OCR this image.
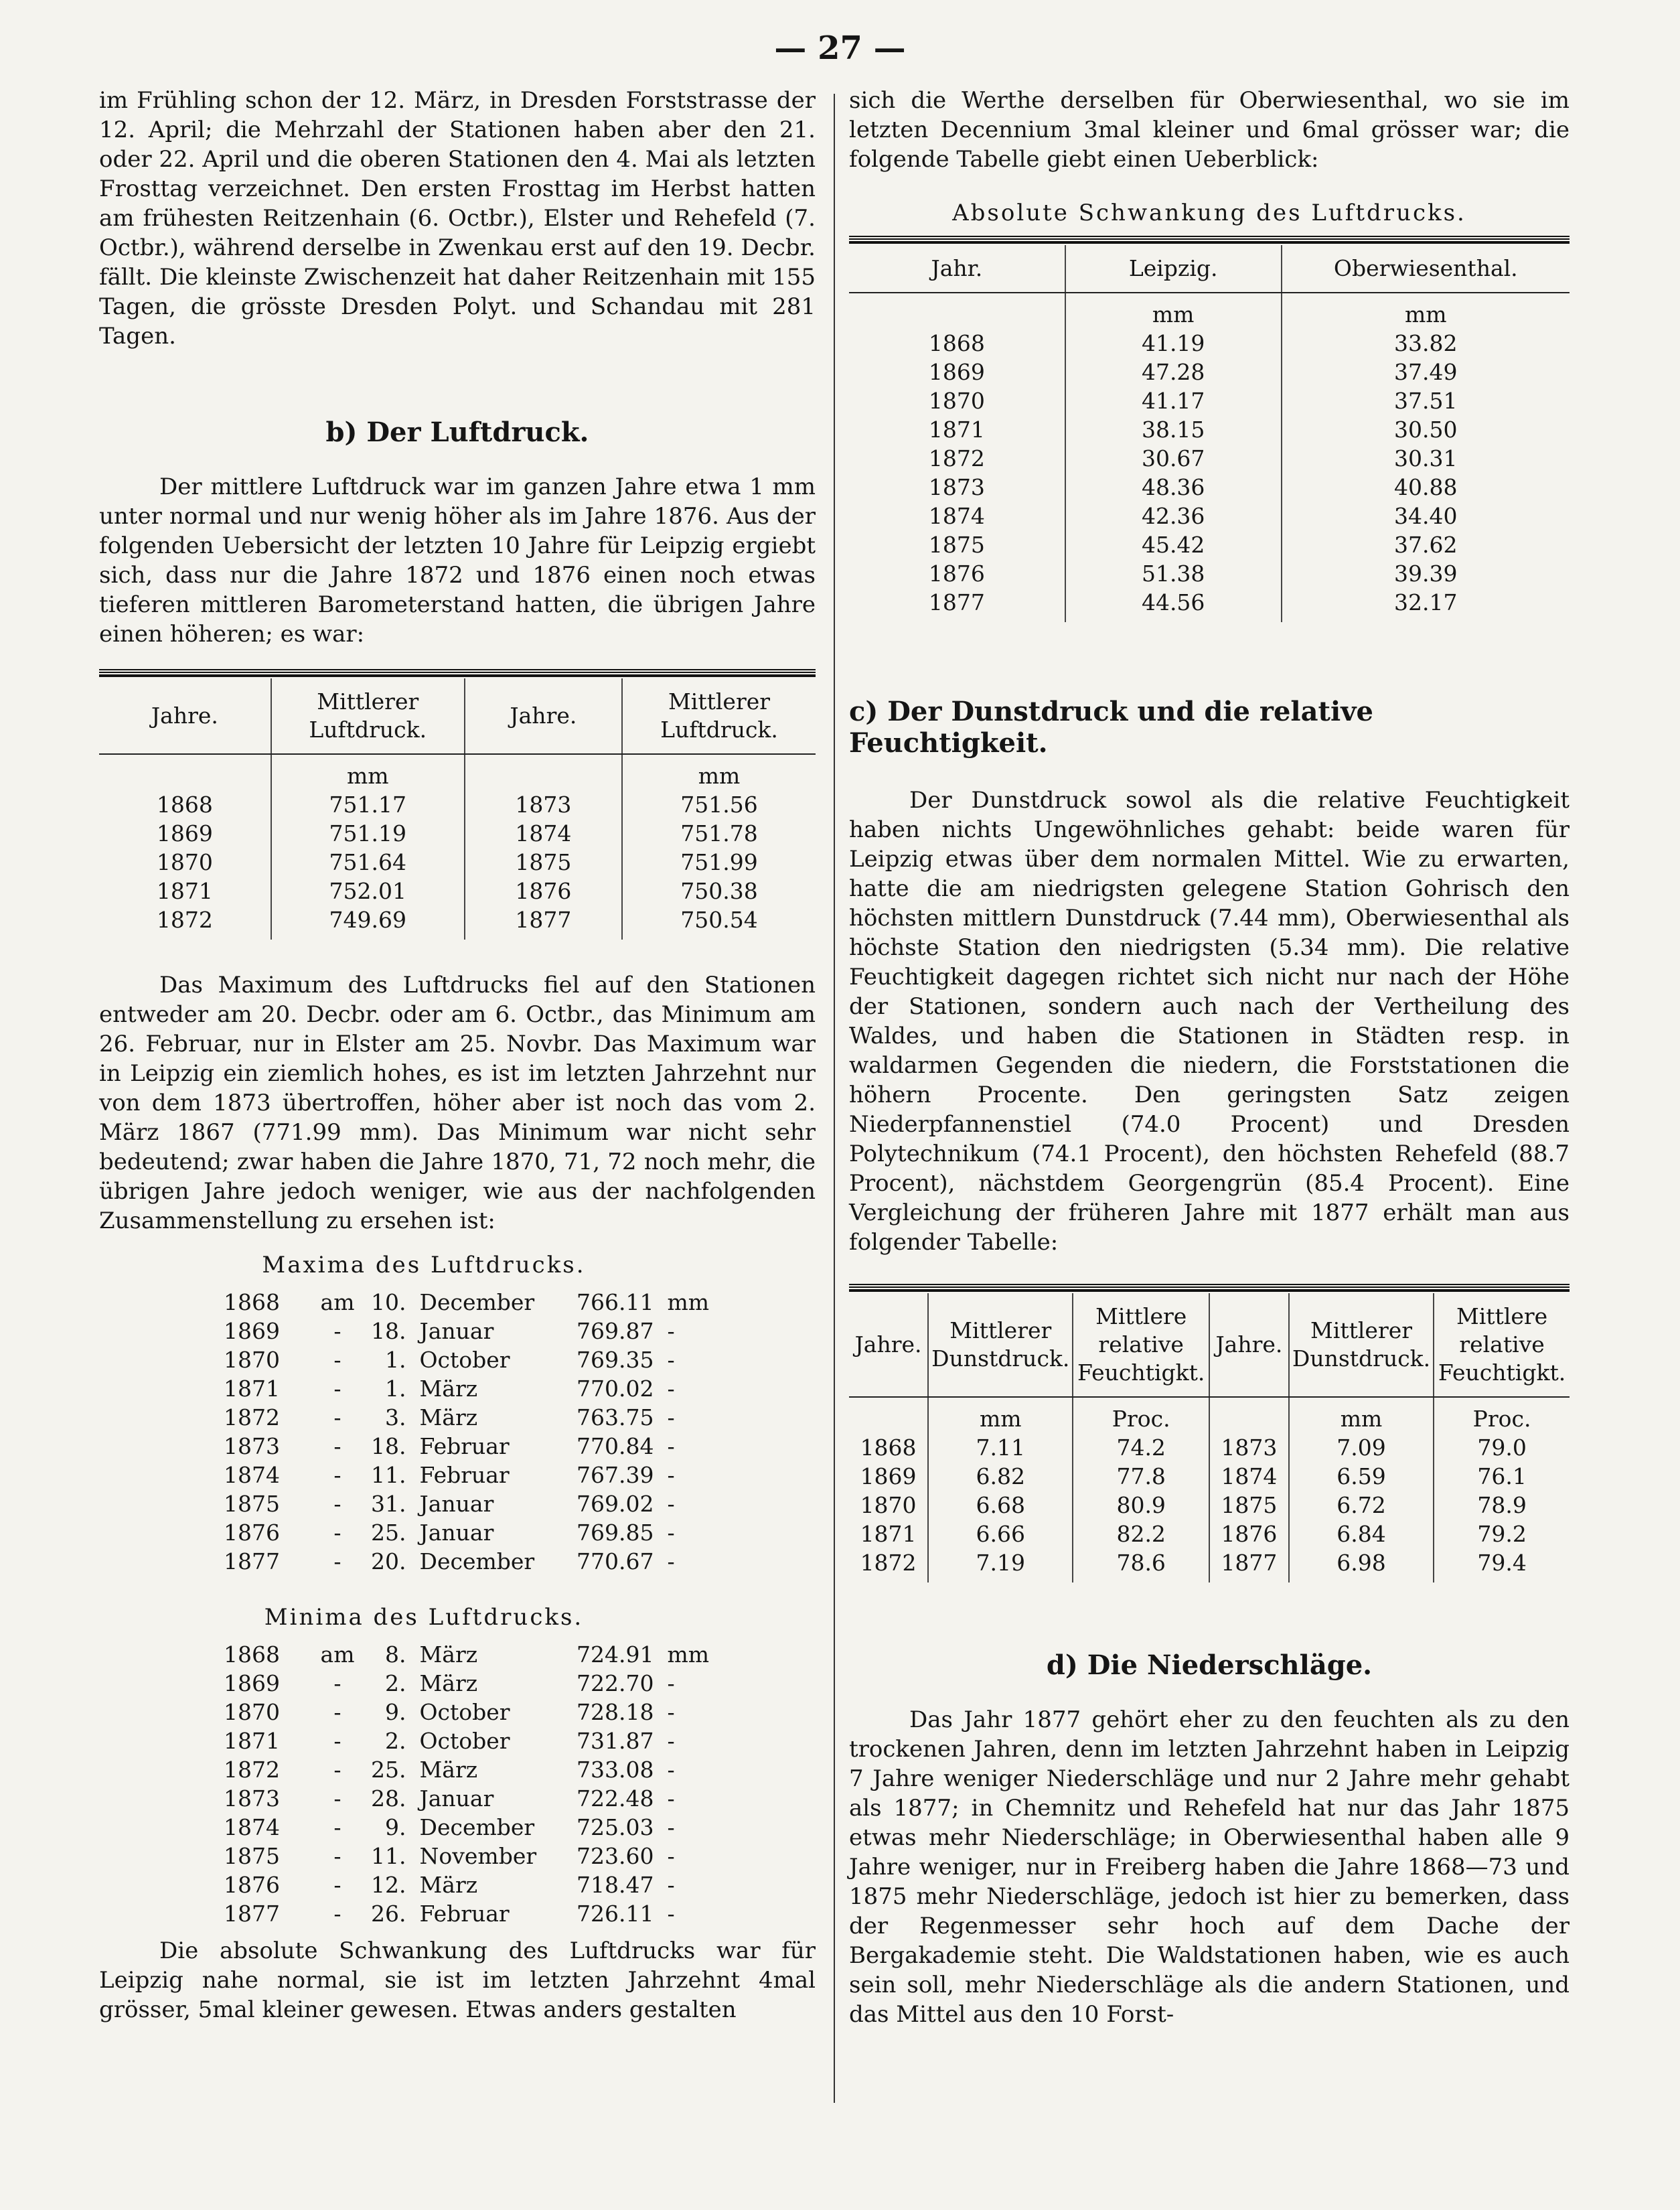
— 27 —

im Frühling schon der 12. März, in Dresden Forststrasse der 12. April; die Mehrzahl der Stationen haben aber den 21. oder 22. April und die oberen Stationen den 4. Mai als letzten Frosttag verzeichnet. Den ersten Frosttag im Herbst hatten am frühesten Reitzenhain (6. Octbr.), Elster und Rehefeld (7. Octbr.), während derselbe in Zwenkau erst auf den 19. Decbr. fällt. Die kleinste Zwischenzeit hat daher Reitzenhain mit 155 Tagen, die grösste Dresden Polyt. und Schandau mit 281 Tagen.

b) Der Luftdruck.

Der mittlere Luftdruck war im ganzen Jahre etwa 1 mm unter normal und nur wenig höher als im Jahre 1876. Aus der folgenden Uebersicht der letzten 10 Jahre für Leipzig ergiebt sich, dass nur die Jahre 1872 und 1876 einen noch etwas tieferen mittleren Barometerstand hatten, die übrigen Jahre einen höheren; es war:

Jahre.	Mittlerer Luftdruck.	Jahre.	Mittlerer Luftdruck.
	mm		mm
1868	751.17	1873	751.56
1869	751.19	1874	751.78
1870	751.64	1875	751.99
1871	752.01	1876	750.38
1872	749.69	1877	750.54

Das Maximum des Luftdrucks fiel auf den Stationen entweder am 20. Decbr. oder am 6. Octbr., das Minimum am 26. Februar, nur in Elster am 25. Novbr. Das Maximum war in Leipzig ein ziemlich hohes, es ist im letzten Jahrzehnt nur von dem 1873 übertroffen, höher aber ist noch das vom 2. März 1867 (771.99 mm). Das Minimum war nicht sehr bedeutend; zwar haben die Jahre 1870, 71, 72 noch mehr, die übrigen Jahre jedoch weniger, wie aus der nachfolgenden Zusammenstellung zu ersehen ist:

Maxima des Luftdrucks.
1868	am	10.	December	766.11	mm
1869	-	18.	Januar	769.87	-
1870	-	1.	October	769.35	-
1871	-	1.	März	770.02	-
1872	-	3.	März	763.75	-
1873	-	18.	Februar	770.84	-
1874	-	11.	Februar	767.39	-
1875	-	31.	Januar	769.02	-
1876	-	25.	Januar	769.85	-
1877	-	20.	December	770.67	-
Minima des Luftdrucks.
1868	am	8.	März	724.91	mm
1869	-	2.	März	722.70	-
1870	-	9.	October	728.18	-
1871	-	2.	October	731.87	-
1872	-	25.	März	733.08	-
1873	-	28.	Januar	722.48	-
1874	-	9.	December	725.03	-
1875	-	11.	November	723.60	-
1876	-	12.	März	718.47	-
1877	-	26.	Februar	726.11	-

Die absolute Schwankung des Luftdrucks war für Leipzig nahe normal, sie ist im letzten Jahrzehnt 4mal grösser, 5mal kleiner gewesen. Etwas anders gestalten

sich die Werthe derselben für Oberwiesenthal, wo sie im letzten Decennium 3mal kleiner und 6mal grösser war; die folgende Tabelle giebt einen Ueberblick:

Absolute Schwankung des Luftdrucks.
Jahr.	Leipzig.	Oberwiesenthal.
	mm	mm
1868	41.19	33.82
1869	47.28	37.49
1870	41.17	37.51
1871	38.15	30.50
1872	30.67	30.31
1873	48.36	40.88
1874	42.36	34.40
1875	45.42	37.62
1876	51.38	39.39
1877	44.56	32.17
c) Der Dunstdruck und die relative Feuchtigkeit.

Der Dunstdruck sowol als die relative Feuchtigkeit haben nichts Ungewöhnliches gehabt: beide waren für Leipzig etwas über dem normalen Mittel. Wie zu erwarten, hatte die am niedrigsten gelegene Station Gohrisch den höchsten mittlern Dunstdruck (7.44 mm), Oberwiesenthal als höchste Station den niedrigsten (5.34 mm). Die relative Feuchtigkeit dagegen richtet sich nicht nur nach der Höhe der Stationen, sondern auch nach der Vertheilung des Waldes, und haben die Stationen in Städten resp. in waldarmen Gegenden die niedern, die Forststationen die höhern Procente. Den geringsten Satz zeigen Niederpfannenstiel (74.0 Procent) und Dresden Polytechnikum (74.1 Procent), den höchsten Rehefeld (88.7 Procent), nächstdem Georgengrün (85.4 Procent). Eine Vergleichung der früheren Jahre mit 1877 erhält man aus folgender Tabelle:

Jahre.	Mittlerer Dunstdruck.	Mittlere relative Feuchtigkt.	Jahre.	Mittlerer Dunstdruck.	Mittlere relative Feuchtigkt.
	mm	Proc.		mm	Proc.
1868	7.11	74.2	1873	7.09	79.0
1869	6.82	77.8	1874	6.59	76.1
1870	6.68	80.9	1875	6.72	78.9
1871	6.66	82.2	1876	6.84	79.2
1872	7.19	78.6	1877	6.98	79.4
d) Die Niederschläge.

Das Jahr 1877 gehört eher zu den feuchten als zu den trockenen Jahren, denn im letzten Jahrzehnt haben in Leipzig 7 Jahre weniger Niederschläge und nur 2 Jahre mehr gehabt als 1877; in Chemnitz und Rehefeld hat nur das Jahr 1875 etwas mehr Niederschläge; in Oberwiesenthal haben alle 9 Jahre weniger, nur in Freiberg haben die Jahre 1868—73 und 1875 mehr Niederschläge, jedoch ist hier zu bemerken, dass der Regenmesser sehr hoch auf dem Dache der Bergakademie steht. Die Waldstationen haben, wie es auch sein soll, mehr Niederschläge als die andern Stationen, und das Mittel aus den 10 Forst-
